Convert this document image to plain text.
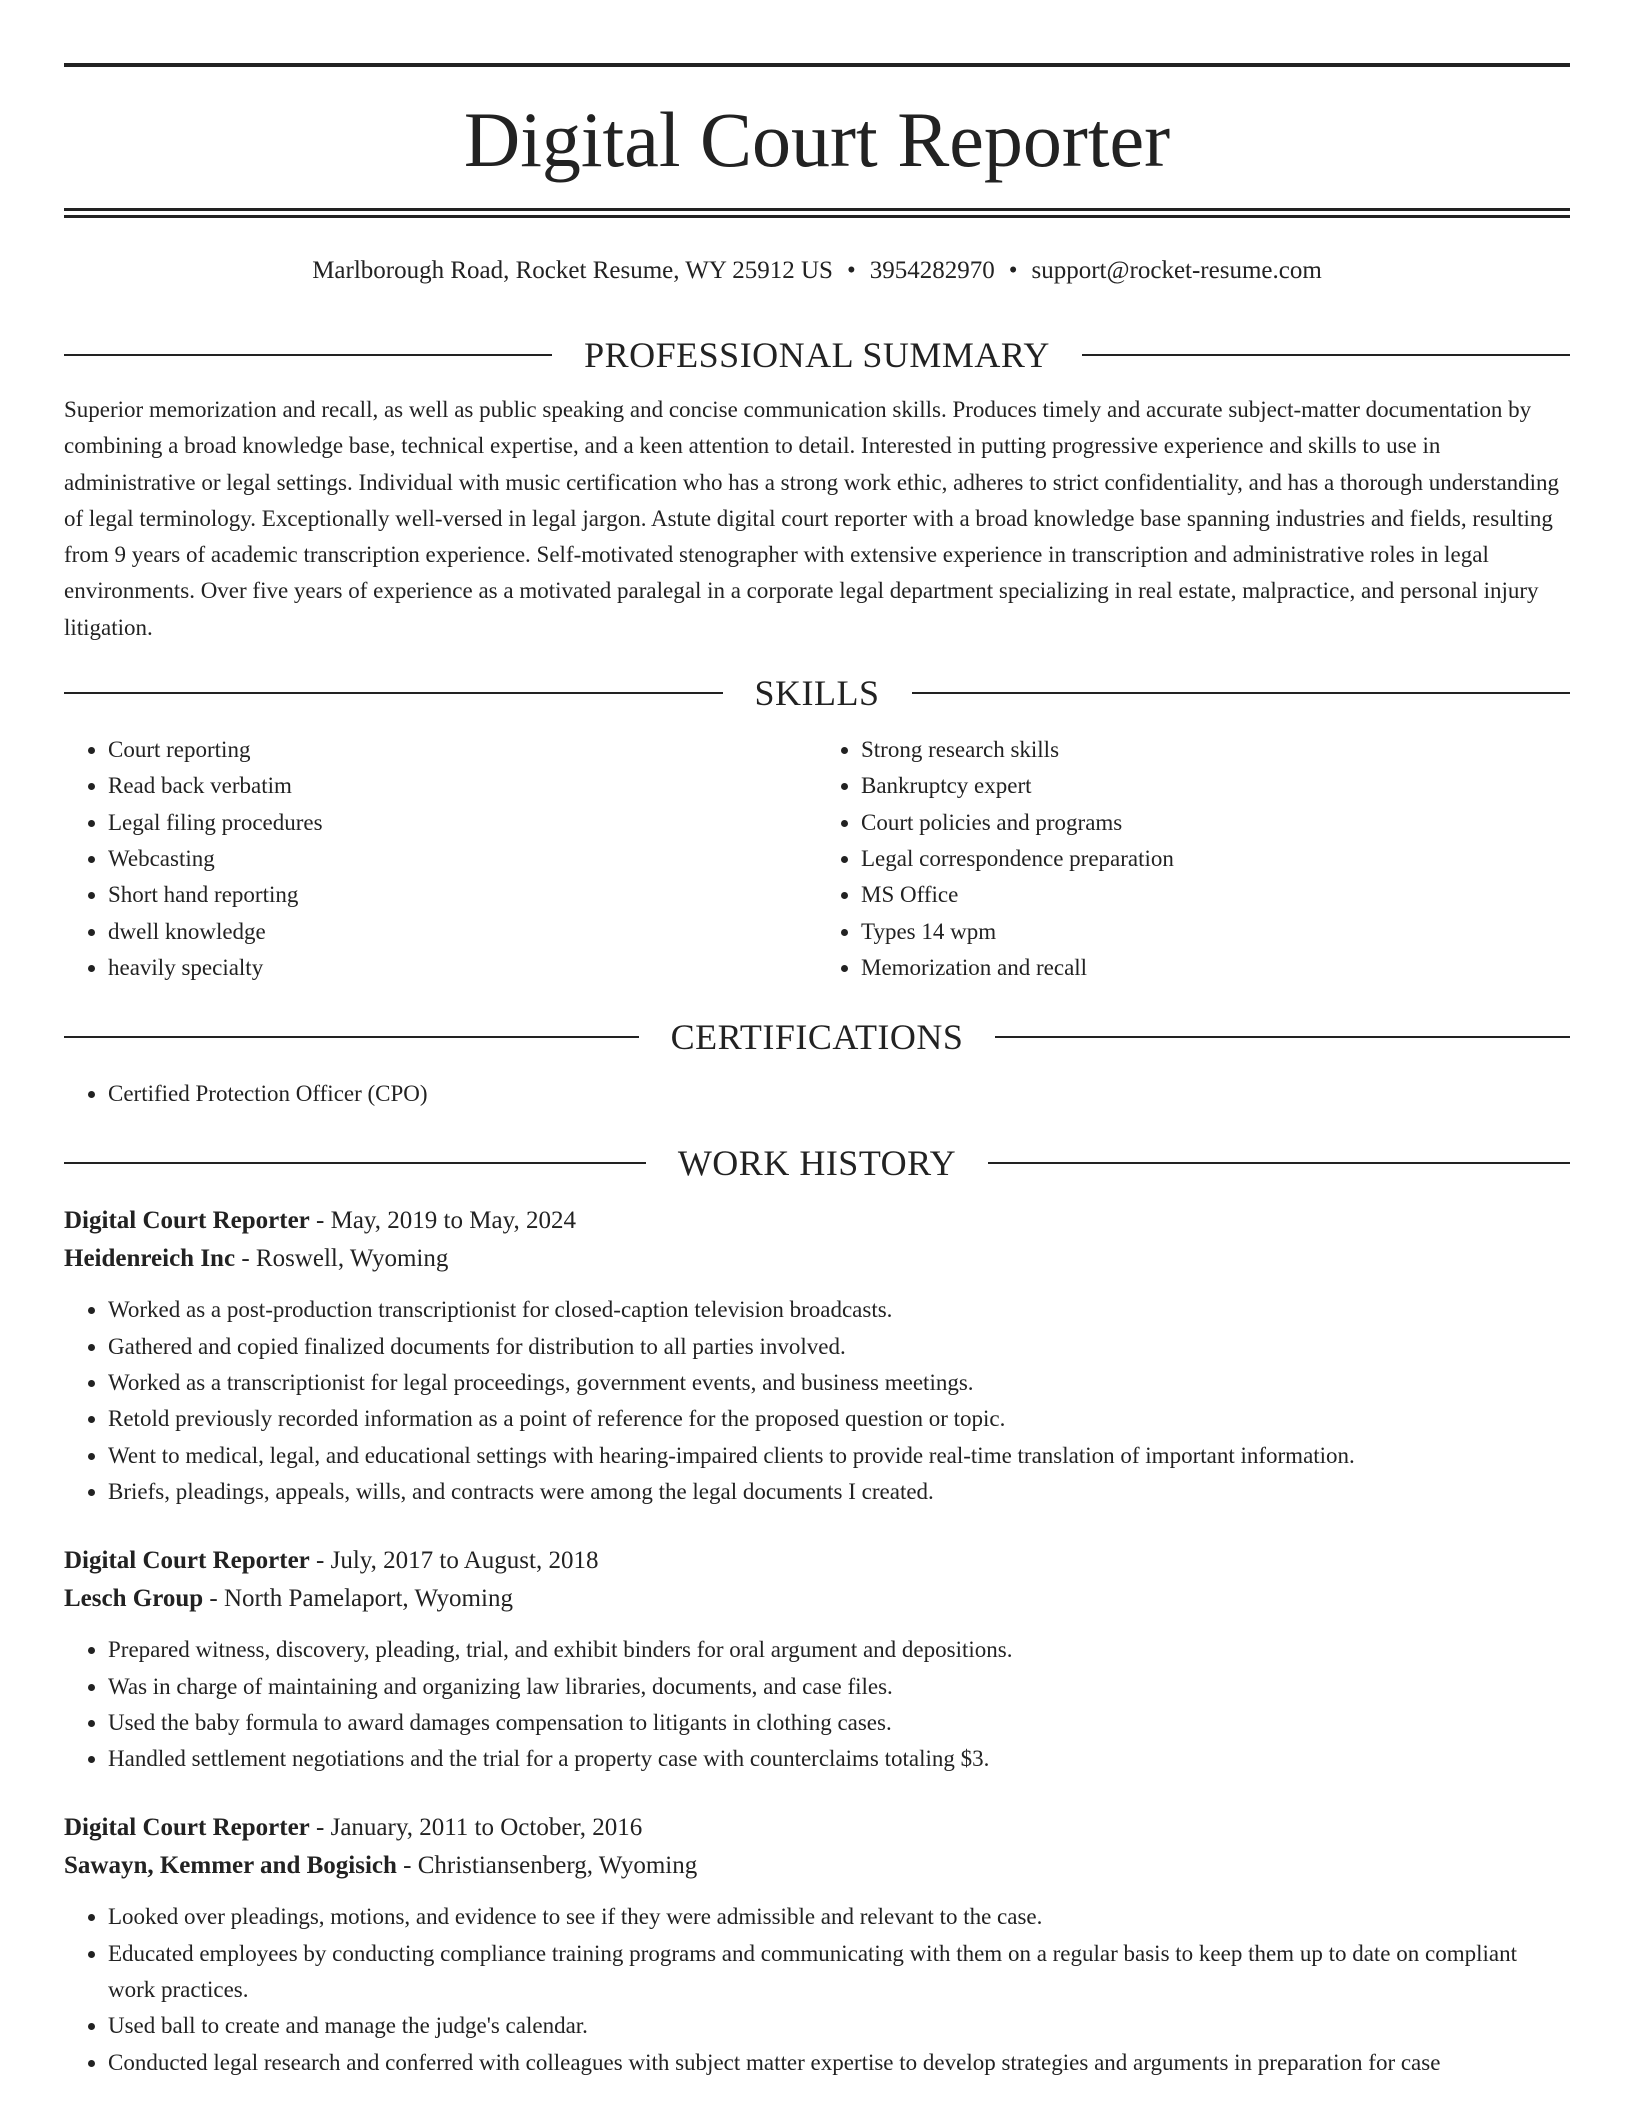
Digital Court Reporter
Marlborough Road, Rocket Resume, WY 25912 US • 3954282970 • support@rocket-resume.com
PROFESSIONAL SUMMARY

Superior memorization and recall, as well as public speaking and concise communication skills. Produces timely and accurate subject-matter documentation by combining a broad knowledge base, technical expertise, and a keen attention to detail. Interested in putting progressive experience and skills to use in administrative or legal settings. Individual with music certification who has a strong work ethic, adheres to strict confidentiality, and has a thorough understanding of legal terminology. Exceptionally well-versed in legal jargon. Astute digital court reporter with a broad knowledge base spanning industries and fields, resulting from 9 years of academic transcription experience. Self-motivated stenographer with extensive experience in transcription and administrative roles in legal environments. Over five years of experience as a motivated paralegal in a corporate legal department specializing in real estate, malpractice, and personal injury litigation.

SKILLS
• Court reporting
• Read back verbatim
• Legal filing procedures
• Webcasting
• Short hand reporting
• dwell knowledge
• heavily specialty
• Strong research skills
• Bankruptcy expert
• Court policies and programs
• Legal correspondence preparation
• MS Office
• Types 14 wpm
• Memorization and recall
CERTIFICATIONS
• Certified Protection Officer (CPO)
WORK HISTORY
Digital Court Reporter - May, 2019 to May, 2024
Heidenreich Inc - Roswell, Wyoming
• Worked as a post-production transcriptionist for closed-caption television broadcasts.
• Gathered and copied finalized documents for distribution to all parties involved.
• Worked as a transcriptionist for legal proceedings, government events, and business meetings.
• Retold previously recorded information as a point of reference for the proposed question or topic.
• Went to medical, legal, and educational settings with hearing-impaired clients to provide real-time translation of important information.
• Briefs, pleadings, appeals, wills, and contracts were among the legal documents I created.
Digital Court Reporter - July, 2017 to August, 2018
Lesch Group - North Pamelaport, Wyoming
• Prepared witness, discovery, pleading, trial, and exhibit binders for oral argument and depositions.
• Was in charge of maintaining and organizing law libraries, documents, and case files.
• Used the baby formula to award damages compensation to litigants in clothing cases.
• Handled settlement negotiations and the trial for a property case with counterclaims totaling $3.
Digital Court Reporter - January, 2011 to October, 2016
Sawayn, Kemmer and Bogisich - Christiansenberg, Wyoming
• Looked over pleadings, motions, and evidence to see if they were admissible and relevant to the case.
• Educated employees by conducting compliance training programs and communicating with them on a regular basis to keep them up to date on compliant work practices.
• Used ball to create and manage the judge's calendar.
• Conducted legal research and conferred with colleagues with subject matter expertise to develop strategies and arguments in preparation for case
